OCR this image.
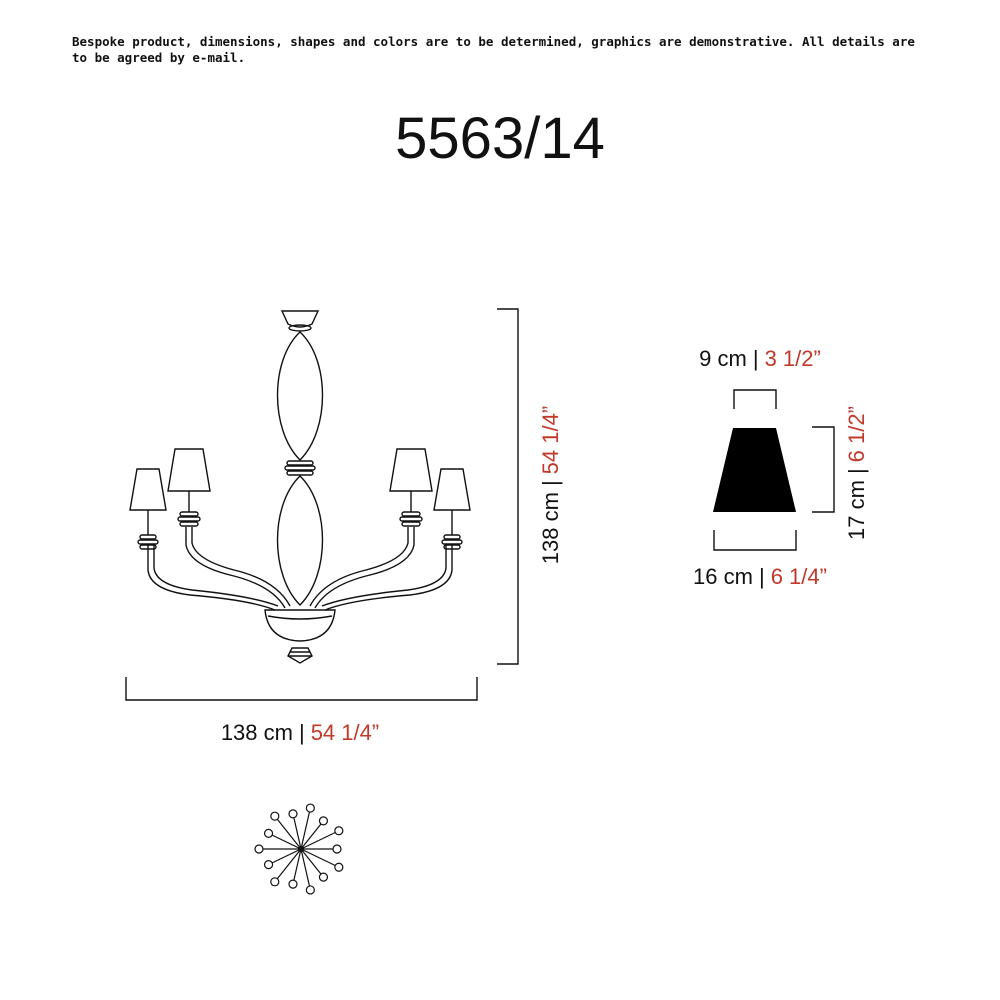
Bespoke product, dimensions, shapes and colors are to be determined, graphics are demonstrative. All details are to be agreed by e-mail.
5563/14
138 cm|54 1/4”
138 cm | 54 1/4”
9 cm | 3 1/2”
17 cm|6 1/2”
16 cm | 6 1/4”
